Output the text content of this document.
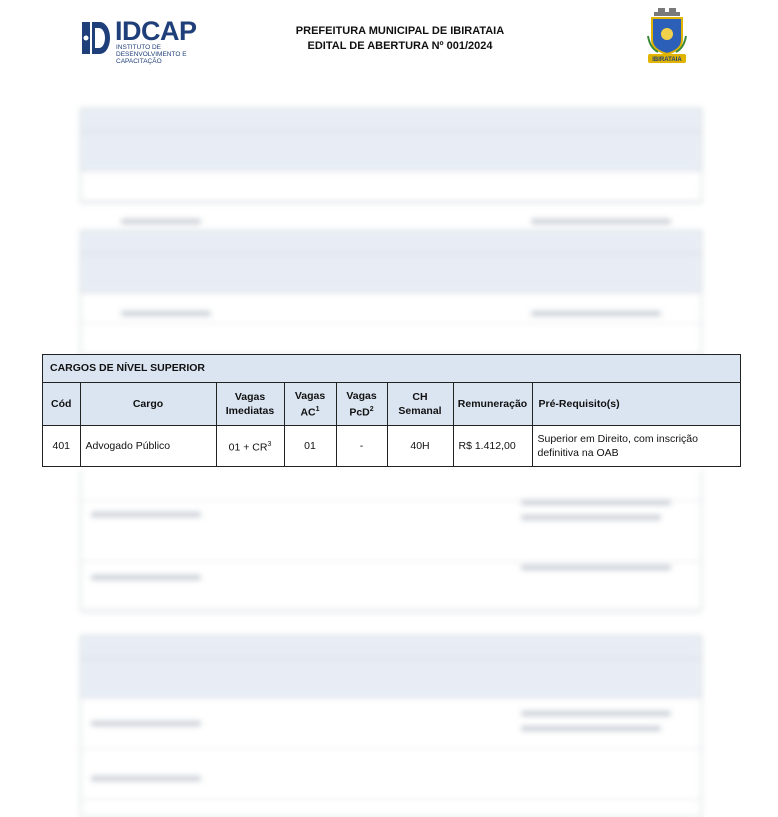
IDCAP
INSTITUTO DE DESENVOLVIMENTO E CAPACITAÇÃO
PREFEITURA MUNICIPAL DE IBIRATAIA
EDITAL DE ABERTURA Nº 001/2024
IBIRATAIA
CARGOS DE NÍVEL SUPERIOR
Cód	Cargo	Vagas Imediatas	Vagas $AC^1$	Vagas PcD$^2$	CH Semanal	Remuneração	Pré-Requisito(s)
401	Advogado Público	$01 + CR^3$	01	-	40H	R$ 1.412,00	Superior em Direito, com inscrição definitiva na OAB
